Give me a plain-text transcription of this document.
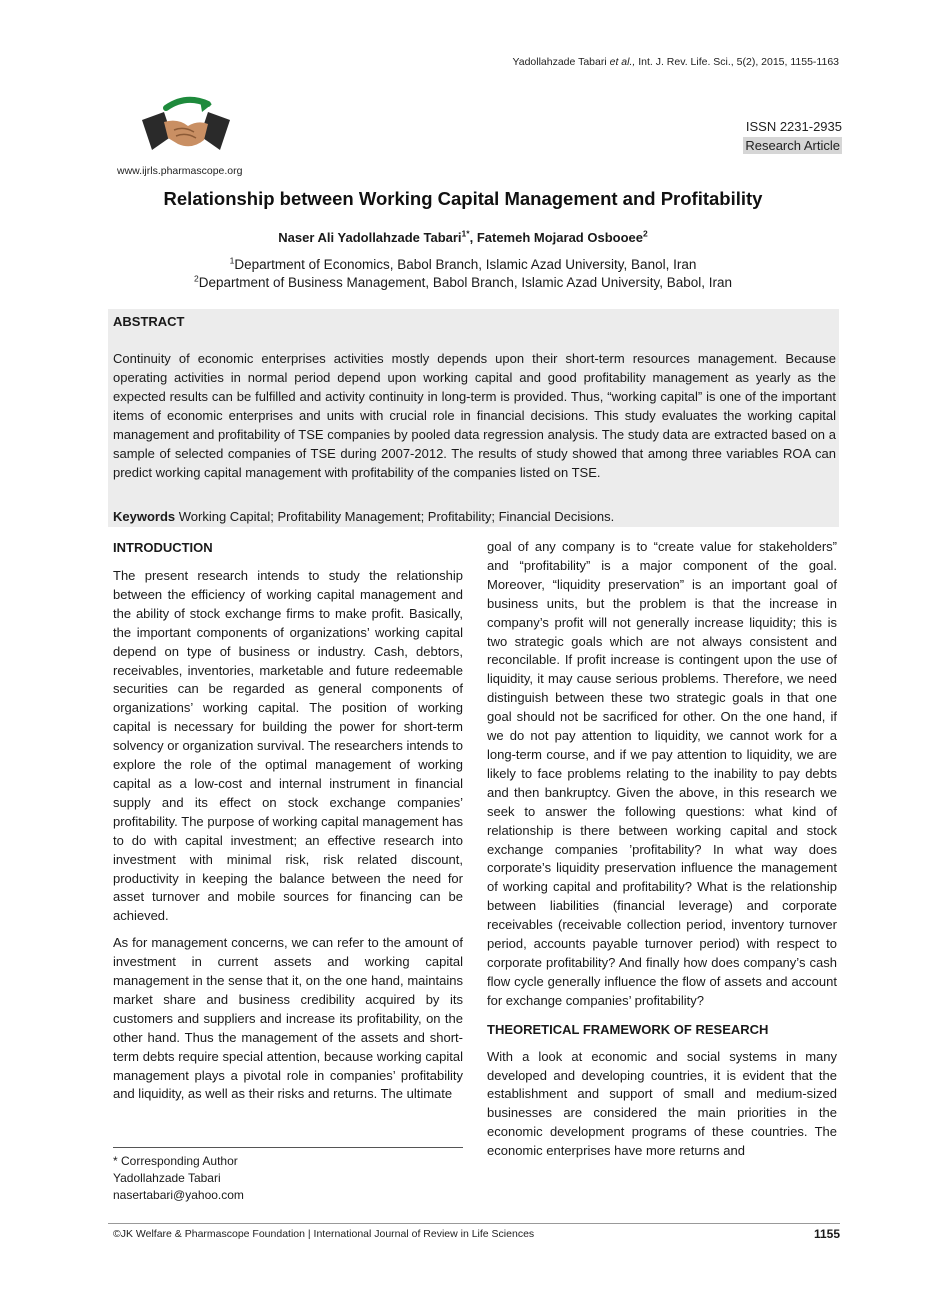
Yadollahzade Tabari et al., Int. J. Rev. Life. Sci., 5(2), 2015, 1155-1163
www.ijrls.pharmascope.org
ISSN 2231-2935
Research Article
Relationship between Working Capital Management and Profitability
Naser Ali Yadollahzade Tabari$^{1*}$, Fatemeh Mojarad Osbooee$^2$
$^1$Department of Economics, Babol Branch, Islamic Azad University, Banol, Iran
$^2$Department of Business Management, Babol Branch, Islamic Azad University, Babol, Iran
ABSTRACT
Continuity of economic enterprises activities mostly depends upon their short-term resources management. Because operating activities in normal period depend upon working capital and good profitability management as yearly as the expected results can be fulfilled and activity continuity in long-term is provided. Thus, “working capital” is one of the important items of economic enterprises and units with crucial role in financial decisions. This study evaluates the working capital management and profitability of TSE companies by pooled data regression analysis. The study data are extracted based on a sample of selected companies of TSE during 2007-2012. The results of study showed that among three variables ROA can predict working capital management with profitability of the companies listed on TSE.
Keywords Working Capital; Profitability Management; Profitability; Financial Decisions.
INTRODUCTION

The present research intends to study the relationship between the efficiency of working capital management and the ability of stock exchange firms to make profit. Basically, the important components of organizations’ working capital depend on type of business or industry. Cash, debtors, receivables, inventories, marketable and future redeemable securities can be regarded as general components of organizations’ working capital. The position of working capital is necessary for building the power for short-term solvency or organization survival. The researchers intends to explore the role of the optimal management of working capital as a low-cost and internal instrument in financial supply and its effect on stock exchange companies’ profitability. The purpose of working capital management has to do with capital investment; an effective research into investment with minimal risk, risk related discount, productivity in keeping the balance between the need for asset turnover and mobile sources for financing can be achieved.

As for management concerns, we can refer to the amount of investment in current assets and working capital management in the sense that it, on the one hand, maintains market share and business credibility acquired by its customers and suppliers and increase its profitability, on the other hand. Thus the management of the assets and short-term debts require special attention, because working capital management plays a pivotal role in companies’ profitability and liquidity, as well as their risks and returns. The ultimate

goal of any company is to “create value for stakeholders” and “profitability” is a major component of the goal. Moreover, “liquidity preservation” is an important goal of business units, but the problem is that the increase in company’s profit will not generally increase liquidity; this is two strategic goals which are not always consistent and reconcilable. If profit increase is contingent upon the use of liquidity, it may cause serious problems. Therefore, we need distinguish between these two strategic goals in that one goal should not be sacrificed for other. On the one hand, if we do not pay attention to liquidity, we cannot work for a long-term course, and if we pay attention to liquidity, we are likely to face problems relating to the inability to pay debts and then bankruptcy. Given the above, in this research we seek to answer the following questions: what kind of relationship is there between working capital and stock exchange companies ’profitability? In what way does corporate’s liquidity preservation influence the management of working capital and profitability? What is the relationship between liabilities (financial leverage) and corporate receivables (receivable collection period, inventory turnover period, accounts payable turnover period) with respect to corporate profitability? And finally how does company’s cash flow cycle generally influence the flow of assets and account for exchange companies’ profitability?

THEORETICAL FRAMEWORK OF RESEARCH

With a look at economic and social systems in many developed and developing countries, it is evident that the establishment and support of small and medium-sized businesses are considered the main priorities in the economic development programs of these countries. The economic enterprises have more returns and

* Corresponding Author
Yadollahzade Tabari
nasertabari@yahoo.com
©JK Welfare & Pharmascope Foundation | International Journal of Review in Life Sciences	1155
